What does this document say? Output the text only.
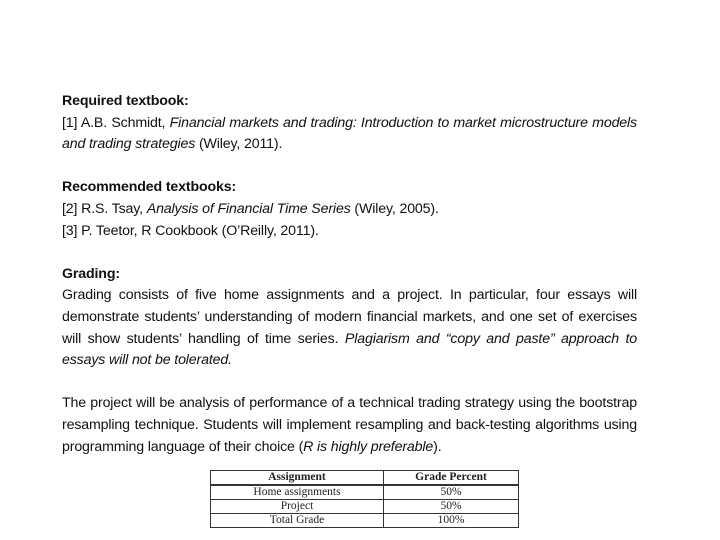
Required textbook:
[1] A.B. Schmidt, Financial markets and trading: Introduction to market microstructure models and trading strategies (Wiley, 2011).
Recommended textbooks:
[2] R.S. Tsay, Analysis of Financial Time Series (Wiley, 2005).
[3] P. Teetor, R Cookbook (O’Reilly, 2011).
Grading:
Grading consists of five home assignments and a project. In particular, four essays will demonstrate students’ understanding of modern financial markets, and one set of exercises will show students’ handling of time series. Plagiarism and “copy and paste” approach to essays will not be tolerated.
The project will be analysis of performance of a technical trading strategy using the bootstrap resampling technique. Students will implement resampling and back-testing algorithms using programming language of their choice (R is highly preferable).
Assignment	Grade Percent
Home assignments	50%
Project	50%
Total Grade	100%
